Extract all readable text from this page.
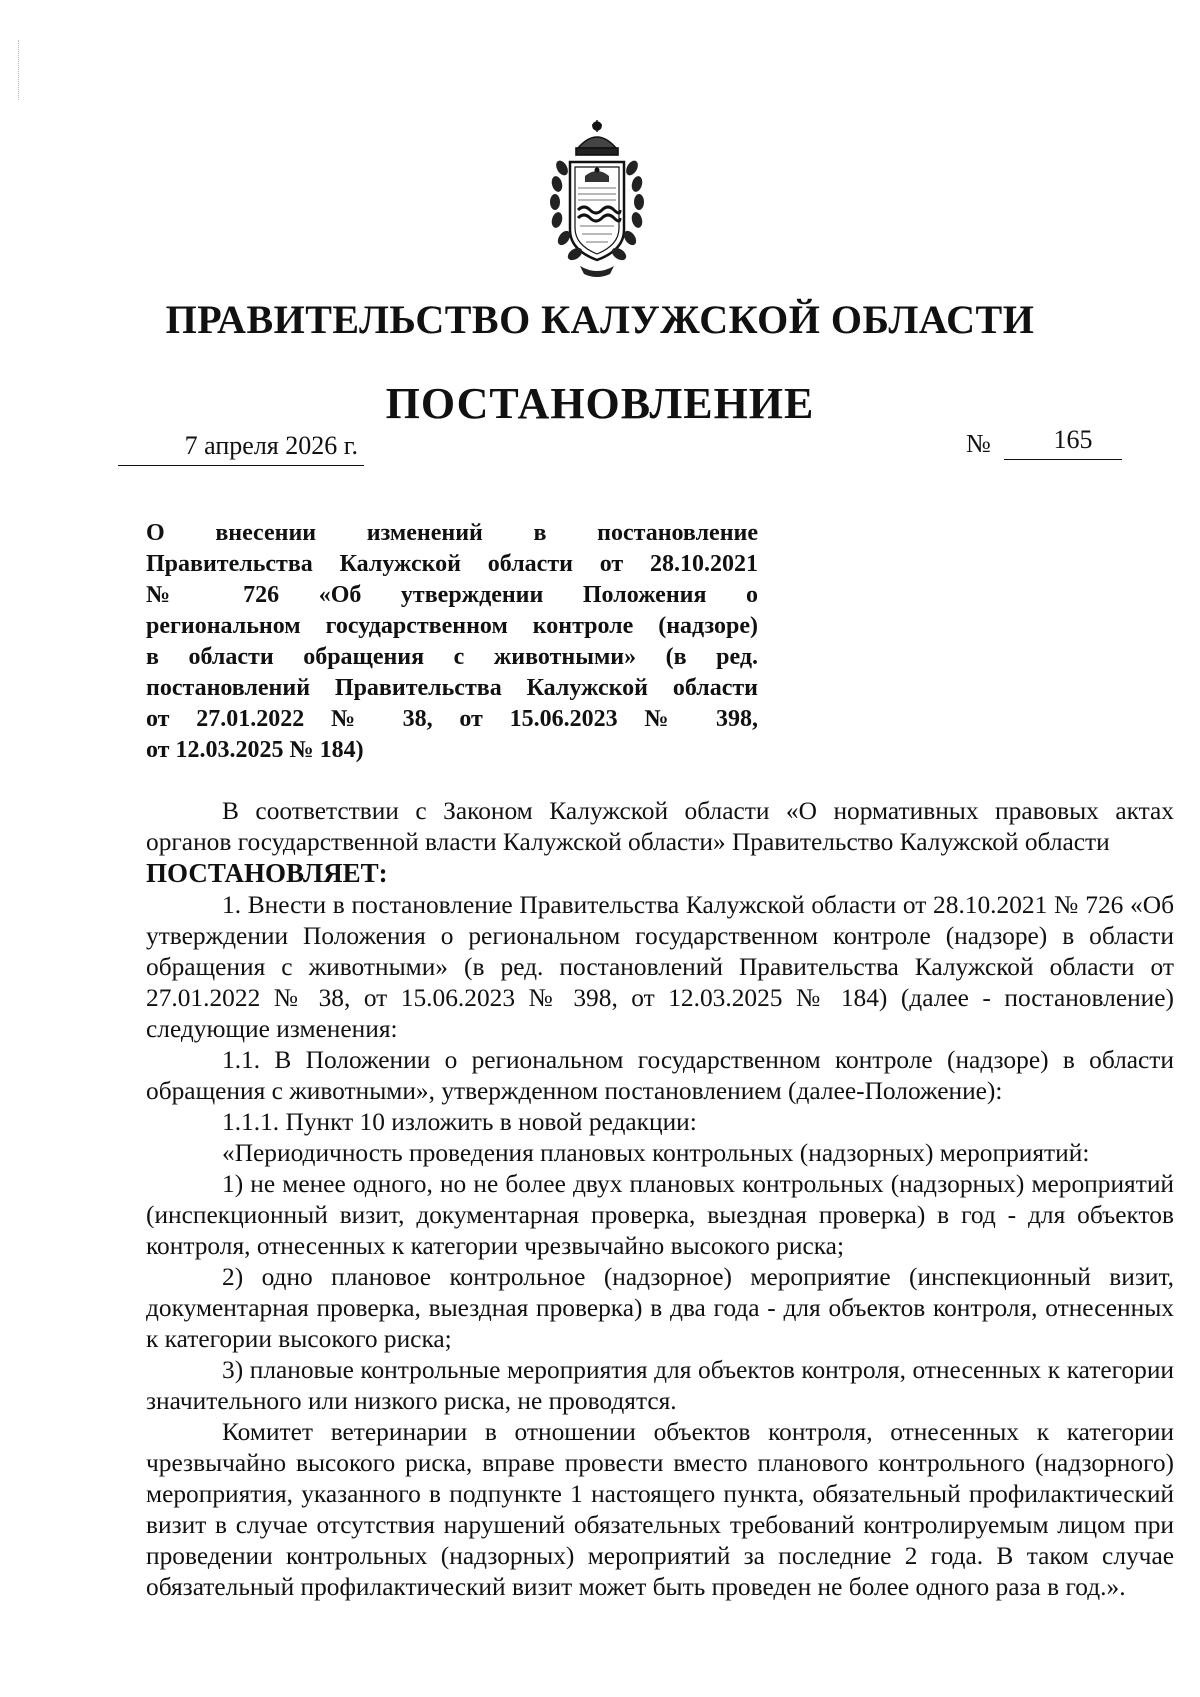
ПРАВИТЕЛЬСТВО КАЛУЖСКОЙ ОБЛАСТИ
ПОСТАНОВЛЕНИЕ
7 апреля 2026 г.	№	165
О внесении изменений в постановление
Правительства Калужской области от 28.10.2021
№ 726 «Об утверждении Положения о
региональном государственном контроле (надзоре)
в области обращения с животными» (в ред.
постановлений Правительства Калужской области
от 27.01.2022 № 38, от 15.06.2023 № 398,
от 12.03.2025 № 184)

В соответствии с Законом Калужской области «О нормативных правовых актах органов государственной власти Калужской области» Правительство Калужской области

ПОСТАНОВЛЯЕТ:

1. Внести в постановление Правительства Калужской области от 28.10.2021 № 726 «Об утверждении Положения о региональном государственном контроле (надзоре) в области обращения с животными» (в ред. постановлений Правительства Калужской области от 27.01.2022 № 38, от 15.06.2023 № 398, от 12.03.2025 № 184) (далее - постановление) следующие изменения:

1.1. В Положении о региональном государственном контроле (надзоре) в области обращения с животными», утвержденном постановлением (далее-Положение):

1.1.1. Пункт 10 изложить в новой редакции:

«Периодичность проведения плановых контрольных (надзорных) мероприятий:

1) не менее одного, но не более двух плановых контрольных (надзорных) мероприятий (инспекционный визит, документарная проверка, выездная проверка) в год - для объектов контроля, отнесенных к категории чрезвычайно высокого риска;

2) одно плановое контрольное (надзорное) мероприятие (инспекционный визит, документарная проверка, выездная проверка) в два года - для объектов контроля, отнесенных к категории высокого риска;

3) плановые контрольные мероприятия для объектов контроля, отнесенных к категории значительного или низкого риска, не проводятся.

Комитет ветеринарии в отношении объектов контроля, отнесенных к категории чрезвычайно высокого риска, вправе провести вместо планового контрольного (надзорного) мероприятия, указанного в подпункте 1 настоящего пункта, обязательный профилактический визит в случае отсутствия нарушений обязательных требований контролируемым лицом при проведении контрольных (надзорных) мероприятий за последние 2 года. В таком случае обязательный профилактический визит может быть проведен не более одного раза в год.».
